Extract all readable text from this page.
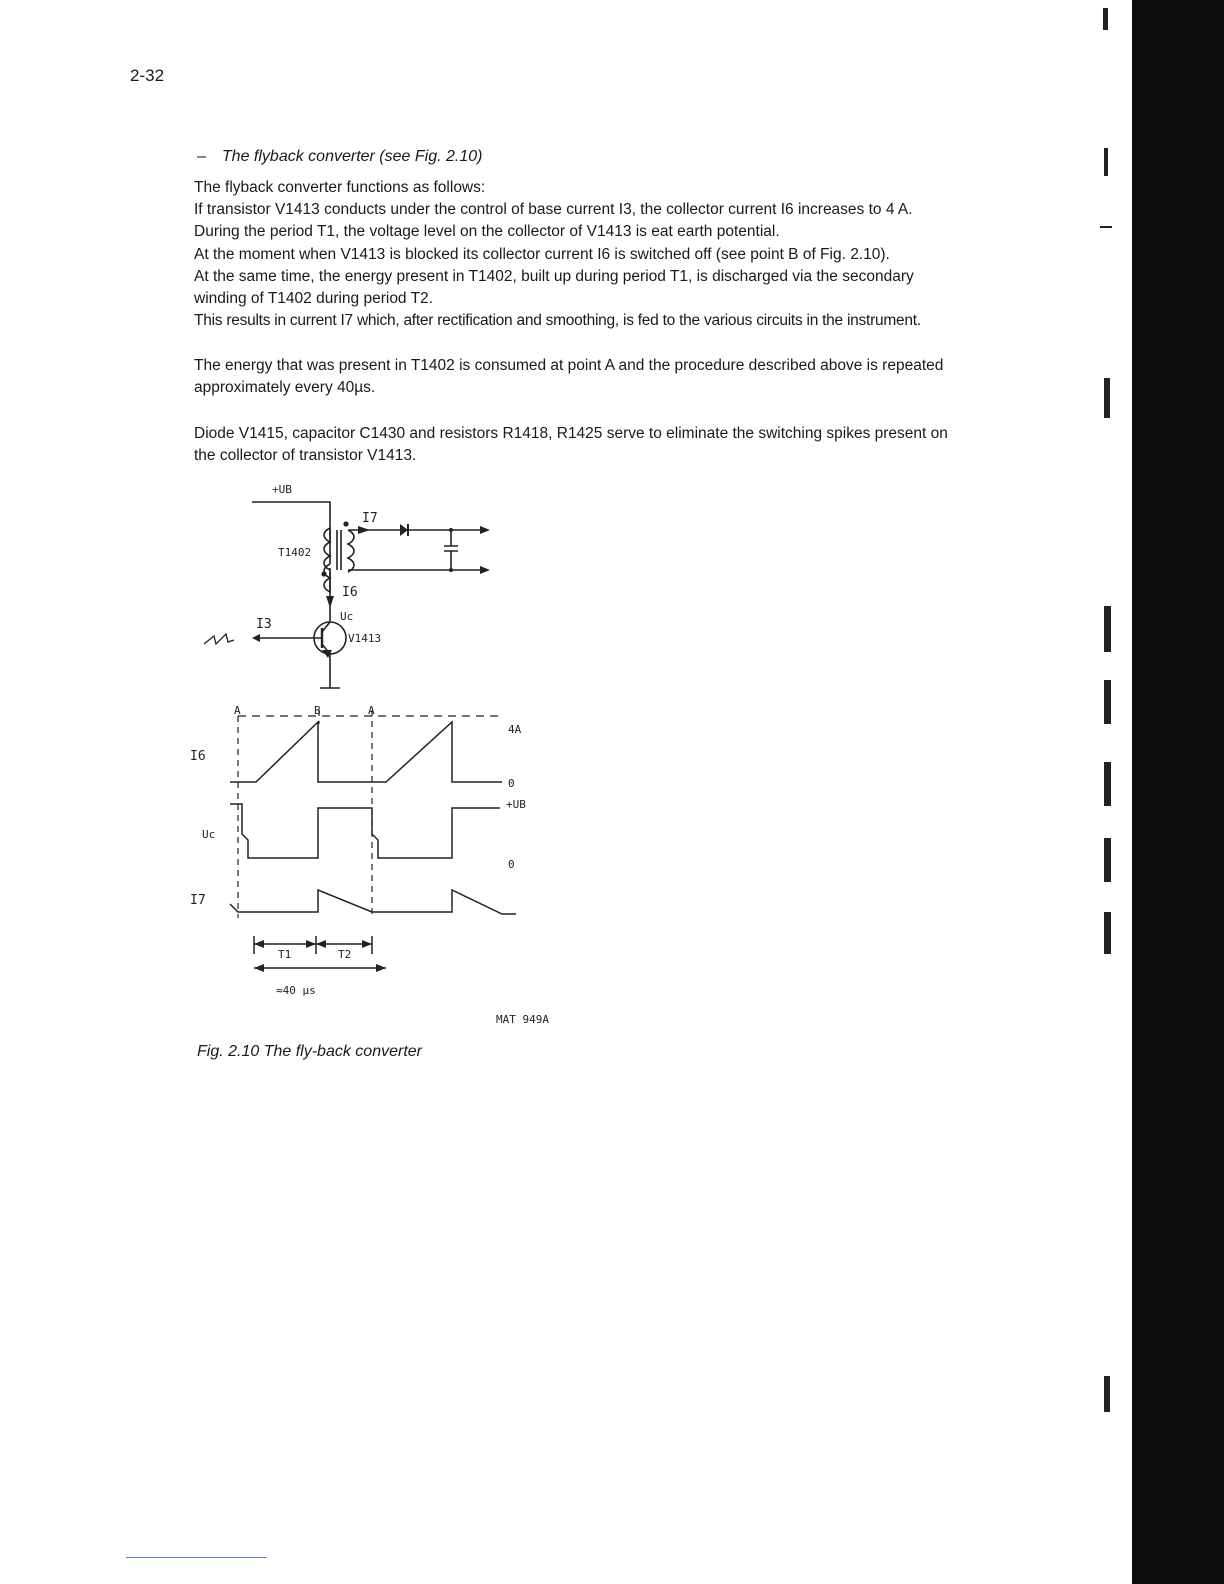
2-32
– The flyback converter (see Fig. 2.10)

The flyback converter functions as follows:

If transistor V1413 conducts under the control of base current I3, the collector current I6 increases to 4 A.

During the period T1, the voltage level on the collector of V1413 is eat earth potential.

At the moment when V1413 is blocked its collector current I6 is switched off (see point B of Fig. 2.10).

At the same time, the energy present in T1402, built up during period T1, is discharged via the secondary

winding of T1402 during period T2.

This results in current I7 which, after rectification and smoothing, is fed to the various circuits in the instrument.

The energy that was present in T1402 is consumed at point A and the procedure described above is repeated

approximately every 40µs.

Diode V1415, capacitor C1430 and resistors R1418, R1425 serve to eliminate the switching spikes present on

the collector of transistor V1413.

+UB
T1402
I7
I6
I3
Uc
V1413
A	B	A
4A
0
+UB
0
I6
Uc
I7
T1	T2
≈40 µs
MAT 949A
Fig. 2.10 The fly-back converter
